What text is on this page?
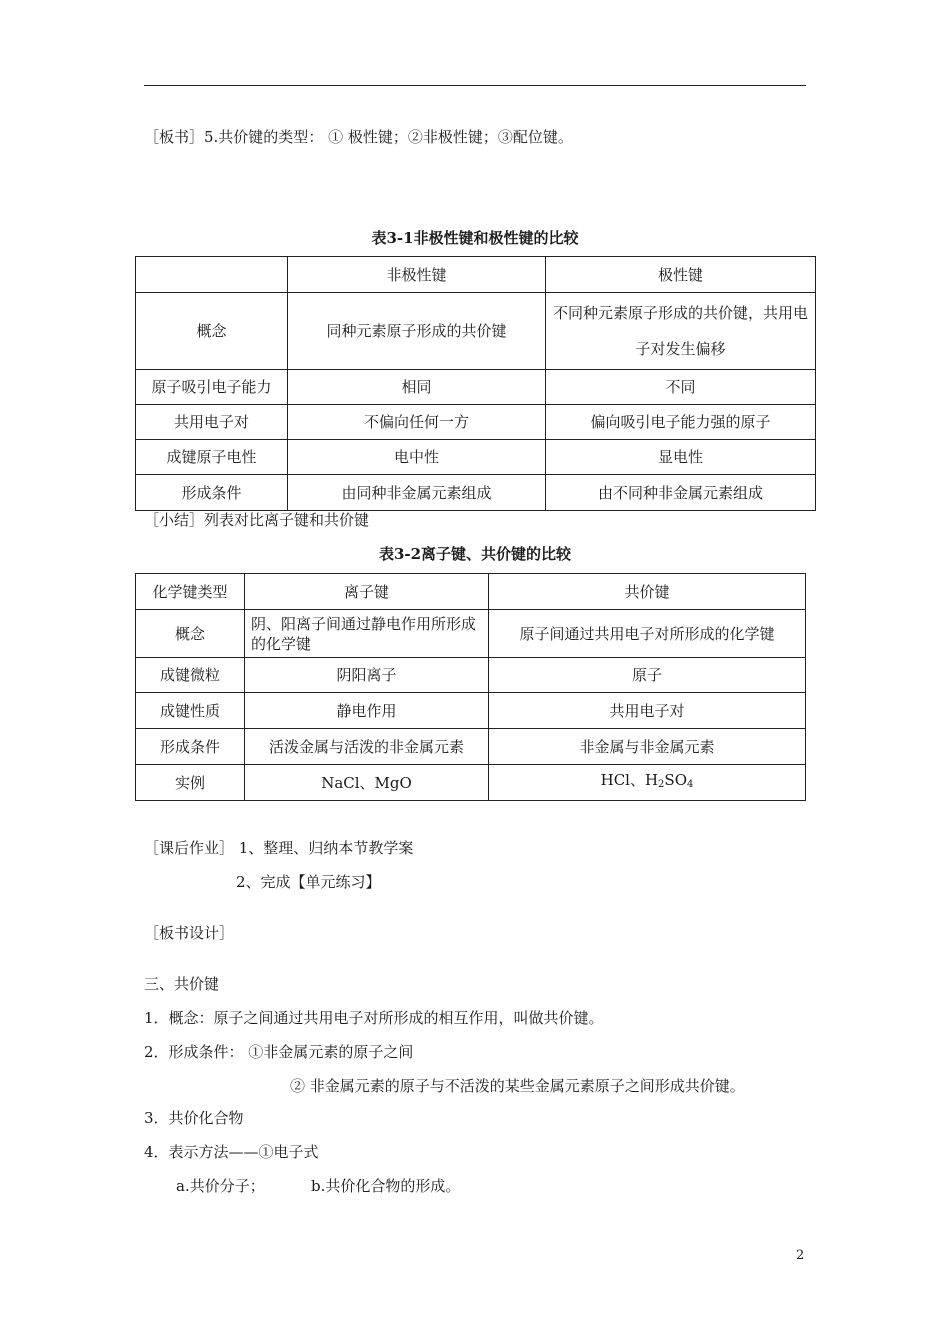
［板书］5.共价键的类型： ① 极性键；②非极性键；③配位键。
表3-1非极性键和极性键的比较
	非极性键	极性键
概念	同种元素原子形成的共价键	不同种元素原子形成的共价键，共用电子对发生偏移
原子吸引电子能力	相同	不同
共用电子对	不偏向任何一方	偏向吸引电子能力强的原子
成键原子电性	电中性	显电性
形成条件	由同种非金属元素组成	由不同种非金属元素组成
［小结］列表对比离子键和共价键
表3-2离子键、共价键的比较
化学键类型	离子键	共价键
概念	阴、阳离子间通过静电作用所形成的化学键	原子间通过共用电子对所形成的化学键
成键微粒	阴阳离子	原子
成键性质	静电作用	共用电子对
形成条件	活泼金属与活泼的非金属元素	非金属与非金属元素
实例	NaCl、MgO	HCl、$H_2SO_4$
［课后作业］ 1、整理、归纳本节教学案
2、完成【单元练习】
［板书设计］
三、共价键
1．概念：原子之间通过共用电子对所形成的相互作用，叫做共价键。
2．形成条件： ①非金属元素的原子之间
② 非金属元素的原子与不活泼的某些金属元素原子之间形成共价键。
3．共价化合物
4．表示方法——①电子式
a.共价分子；	b.共价化合物的形成。
2
